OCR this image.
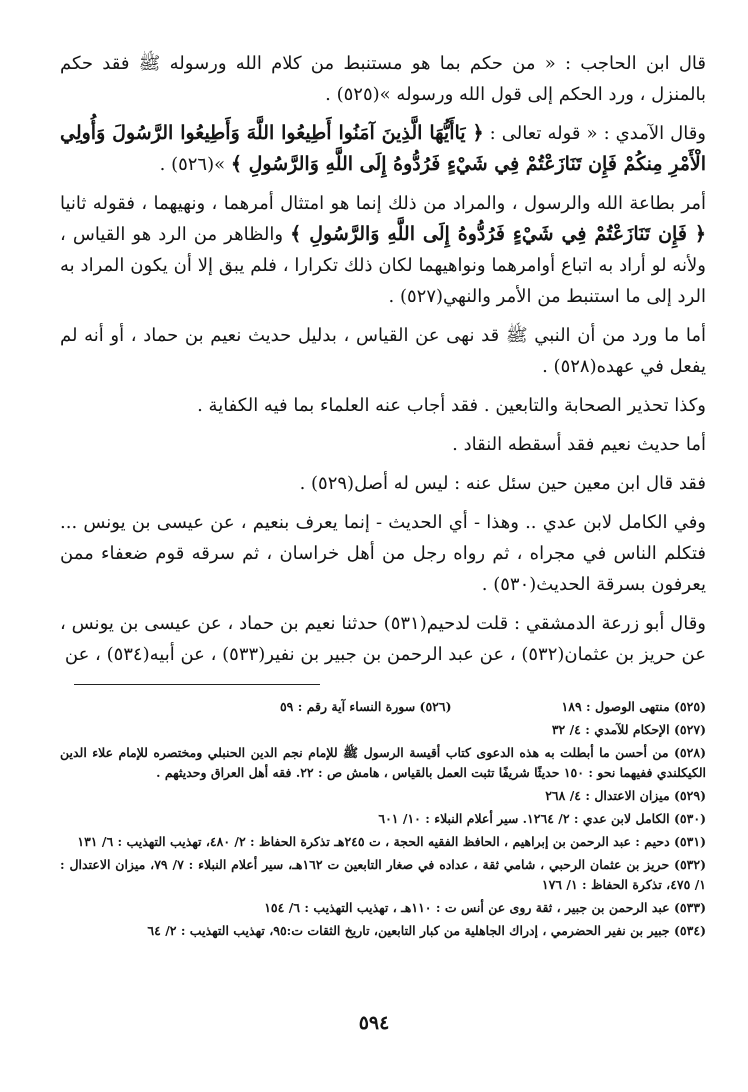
قال ابن الحاجب : « من حكم بما هو مستنبط من كلام الله ورسوله ﷺ فقد حكم بالمنزل ، ورد الحكم إلى قول الله ورسوله »(٥٢٥) .

وقال الآمدي : « قوله تعالى : ﴿ يَاأَيُّهَا الَّذِينَ آمَنُوا أَطِيعُوا اللَّهَ وَأَطِيعُوا الرَّسُولَ وَأُولِي الْأَمْرِ مِنكُمْ فَإِن تَنَازَعْتُمْ فِي شَيْءٍ فَرُدُّوهُ إِلَى اللَّهِ وَالرَّسُولِ ﴾ »(٥٢٦) .

أمر بطاعة الله والرسول ، والمراد من ذلك إنما هو امتثال أمرهما ، ونهيهما ، فقوله ثانيا ﴿ فَإِن تَنَازَعْتُمْ فِي شَيْءٍ فَرُدُّوهُ إِلَى اللَّهِ وَالرَّسُولِ ﴾ والظاهر من الرد هو القياس ، ولأنه لو أراد به اتباع أوامرهما ونواهيهما لكان ذلك تكرارا ، فلم يبق إلا أن يكون المراد به الرد إلى ما استنبط من الأمر والنهي(٥٢٧) .

أما ما ورد من أن النبي ﷺ قد نهى عن القياس ، بدليل حديث نعيم بن حماد ، أو أنه لم يفعل في عهده(٥٢٨) .

وكذا تحذير الصحابة والتابعين . فقد أجاب عنه العلماء بما فيه الكفاية .

أما حديث نعيم فقد أسقطه النقاد .

فقد قال ابن معين حين سئل عنه : ليس له أصل(٥٢٩) .

وفي الكامل لابن عدي .. وهذا - أي الحديث - إنما يعرف بنعيم ، عن عيسى بن يونس ... فتكلم الناس في مجراه ، ثم رواه رجل من أهل خراسان ، ثم سرقه قوم ضعفاء ممن يعرفون بسرقة الحديث(٥٣٠) .

وقال أبو زرعة الدمشقي : قلت لدحيم(٥٣١) حدثنا نعيم بن حماد ، عن عيسى بن يونس ، عن حريز بن عثمان(٥٣٢) ، عن عبد الرحمن بن جبير بن نفير(٥٣٣) ، عن أبيه(٥٣٤) ، عن

(٥٢٥) منتهى الوصول : ١٨٩
(٥٢٦) سورة النساء آية رقم : ٥٩

(٥٢٧) الإحكام للآمدي : ٤/ ٣٢

(٥٢٨) من أحسن ما أبطلت به هذه الدعوى كتاب أقيسة الرسول ﷺ للإمام نجم الدين الحنبلي ومختصره للإمام علاء الدين الكيكلندي ففيهما نحو : ١٥٠ حديثًا شريفًا تثبت العمل بالقياس ، هامش ص : ٢٢. فقه أهل العراق وحديثهم .

(٥٢٩) ميزان الاعتدال : ٤/ ٢٦٨

(٥٣٠) الكامل لابن عدي : ٢/ ١٢٦٤. سير أعلام النبلاء : ١٠/ ٦٠١

(٥٣١) دحيم : عبد الرحمن بن إبراهيم ، الحافظ الفقيه الحجة ، ت ٢٤٥هـ تذكرة الحفاظ : ٢/ ٤٨٠، تهذيب التهذيب : ٦/ ١٣١

(٥٣٢) حريز بن عثمان الرحبي ، شامي ثقة ، عداده في صغار التابعين ت ١٦٢هـ، سير أعلام النبلاء : ٧/ ٧٩، ميزان الاعتدال : ١/ ٤٧٥، تذكرة الحفاظ : ١/ ١٧٦

(٥٣٣) عبد الرحمن بن جبير ، ثقة روى عن أنس ت : ١١٠هـ ، تهذيب التهذيب : ٦/ ١٥٤

(٥٣٤) جبير بن نفير الحضرمي ، إدراك الجاهلية من كبار التابعين، تاريخ الثقات ت:٩٥، تهذيب التهذيب : ٢/ ٦٤

٥٩٤
